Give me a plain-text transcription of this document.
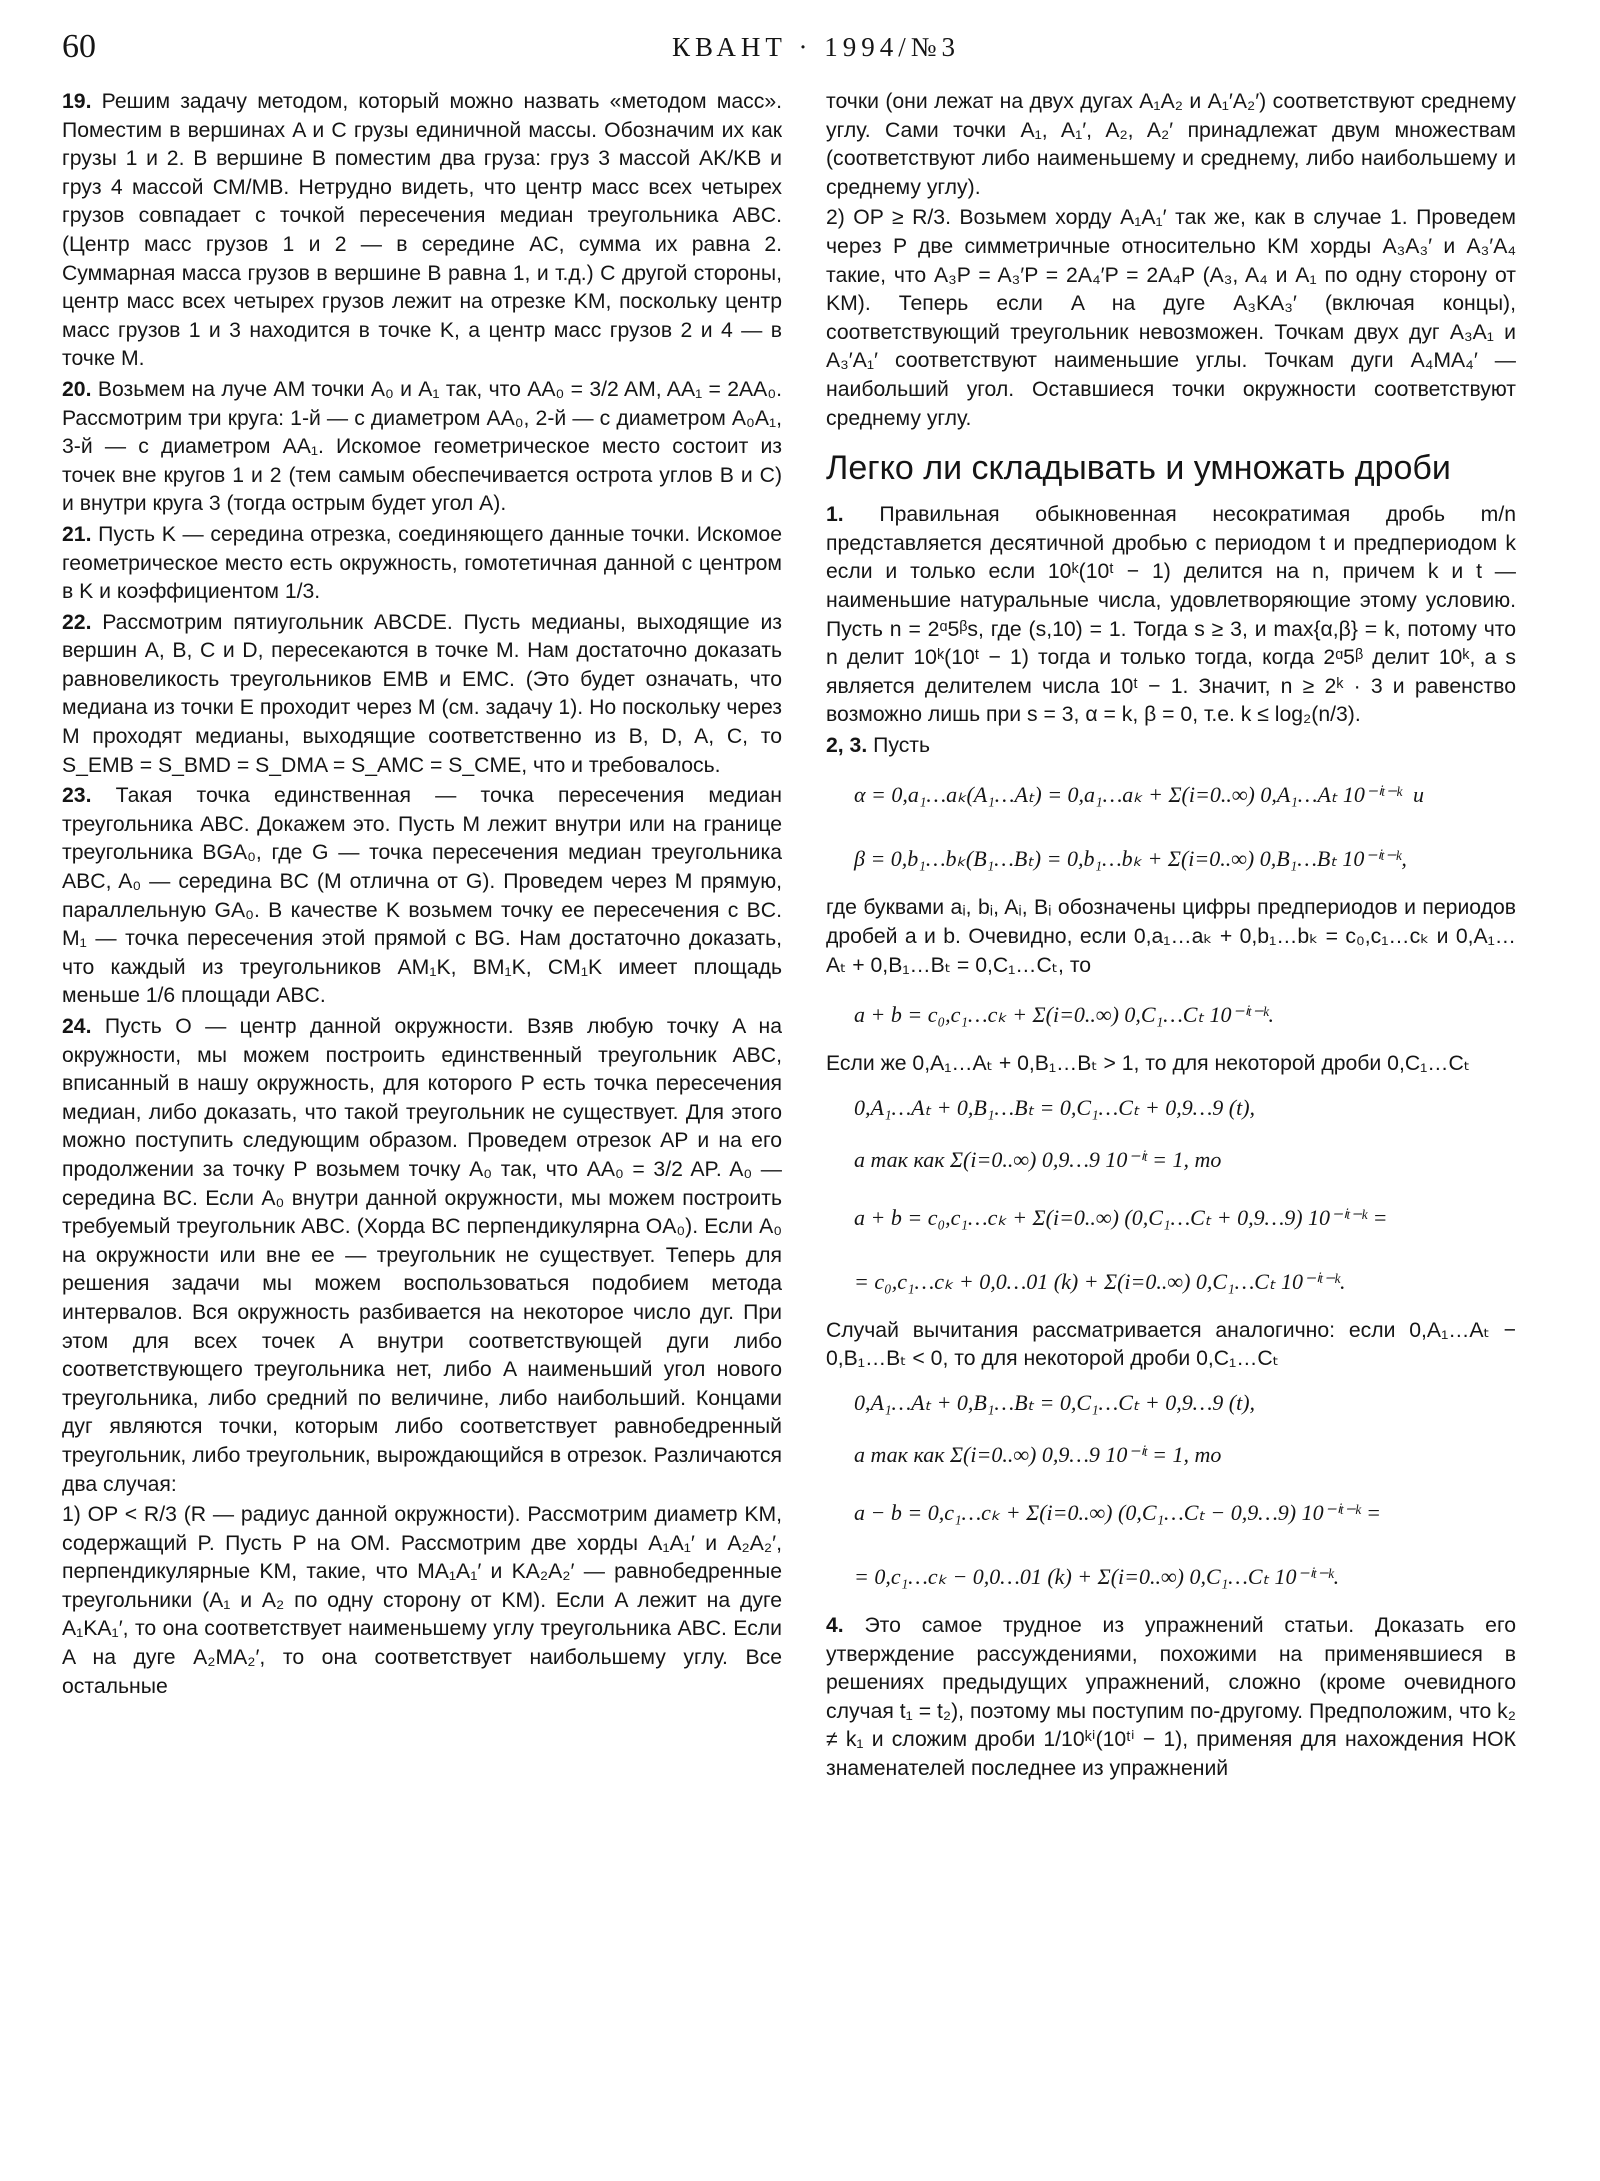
60	КВАНТ · 1994/№3

19. Решим задачу методом, который можно назвать «методом масс». Поместим в вершинах A и C грузы единичной массы. Обозначим их как грузы 1 и 2. В вершине B поместим два груза: груз 3 массой AK/KB и груз 4 массой CM/MB. Нетрудно видеть, что центр масс всех четырех грузов совпадает с точкой пересечения медиан треугольника ABC. (Центр масс грузов 1 и 2 — в середине AC, сумма их равна 2. Суммарная масса грузов в вершине B равна 1, и т.д.) С другой стороны, центр масс всех четырех грузов лежит на отрезке KM, поскольку центр масс грузов 1 и 3 находится в точке K, а центр масс грузов 2 и 4 — в точке M.

20. Возьмем на луче AM точки A₀ и A₁ так, что AA₀ = 3/2 AM, AA₁ = 2AA₀. Рассмотрим три круга: 1-й — с диаметром AA₀, 2-й — с диаметром A₀A₁, 3-й — с диаметром AA₁. Искомое геометрическое место состоит из точек вне кругов 1 и 2 (тем самым обеспечивается острота углов B и C) и внутри круга 3 (тогда острым будет угол A).

21. Пусть K — середина отрезка, соединяющего данные точки. Искомое геометрическое место есть окружность, гомотетичная данной с центром в K и коэффициентом 1/3.

22. Рассмотрим пятиугольник ABCDE. Пусть медианы, выходящие из вершин A, B, C и D, пересекаются в точке M. Нам достаточно доказать равновеликость треугольников EMB и EMC. (Это будет означать, что медиана из точки E проходит через M (см. задачу 1). Но поскольку через M проходят медианы, выходящие соответственно из B, D, A, C, то S_EMB = S_BMD = S_DMA = S_AMC = S_CME, что и требовалось.

23. Такая точка единственная — точка пересечения медиан треугольника ABC. Докажем это. Пусть M лежит внутри или на границе треугольника BGA₀, где G — точка пересечения медиан треугольника ABC, A₀ — середина BC (M отлична от G). Проведем через M прямую, параллельную GA₀. В качестве K возьмем точку ее пересечения с BC. M₁ — точка пересечения этой прямой с BG. Нам достаточно доказать, что каждый из треугольников AM₁K, BM₁K, CM₁K имеет площадь меньше 1/6 площади ABC.

24. Пусть O — центр данной окружности. Взяв любую точку A на окружности, мы можем построить единственный треугольник ABC, вписанный в нашу окружность, для которого P есть точка пересечения медиан, либо доказать, что такой треугольник не существует. Для этого можно поступить следующим образом. Проведем отрезок AP и на его продолжении за точку P возьмем точку A₀ так, что AA₀ = 3/2 AP. A₀ — середина BC. Если A₀ внутри данной окружности, мы можем построить требуемый треугольник ABC. (Хорда BC перпендикулярна OA₀). Если A₀ на окружности или вне ее — треугольник не существует. Теперь для решения задачи мы можем воспользоваться подобием метода интервалов. Вся окружность разбивается на некоторое число дуг. При этом для всех точек A внутри соответствующей дуги либо соответствующего треугольника нет, либо A наименьший угол нового треугольника, либо средний по величине, либо наибольший. Концами дуг являются точки, которым либо соответствует равнобедренный треугольник, либо треугольник, вырождающийся в отрезок. Различаются два случая:

1) OP < R/3 (R — радиус данной окружности). Рассмотрим диаметр KM, содержащий P. Пусть P на OM. Рассмотрим две хорды A₁A₁′ и A₂A₂′, перпендикулярные KM, такие, что MA₁A₁′ и KA₂A₂′ — равнобедренные треугольники (A₁ и A₂ по одну сторону от KM). Если A лежит на дуге A₁KA₁′, то она соответствует наименьшему углу треугольника ABC. Если A на дуге A₂MA₂′, то она соответствует наибольшему углу. Все остальные

точки (они лежат на двух дугах A₁A₂ и A₁′A₂′) соответствуют среднему углу. Сами точки A₁, A₁′, A₂, A₂′ принадлежат двум множествам (соответствуют либо наименьшему и среднему, либо наибольшему и среднему углу).

2) OP ≥ R/3. Возьмем хорду A₁A₁′ так же, как в случае 1. Проведем через P две симметричные относительно KM хорды A₃A₃′ и A₃′A₄ такие, что A₃P = A₃′P = 2A₄′P = 2A₄P (A₃, A₄ и A₁ по одну сторону от KM). Теперь если A на дуге A₃KA₃′ (включая концы), соответствующий треугольник невозможен. Точкам двух дуг A₃A₁ и A₃′A₁′ соответствуют наименьшие углы. Точкам дуги A₄MA₄′ — наибольший угол. Оставшиеся точки окружности соответствуют среднему углу.

Легко ли складывать и умножать дроби

1. Правильная обыкновенная несократимая дробь m/n представляется десятичной дробью с периодом t и предпериодом k если и только если 10ᵏ(10ᵗ − 1) делится на n, причем k и t — наименьшие натуральные числа, удовлетворяющие этому условию. Пусть n = 2ᵅ5ᵝs, где (s,10) = 1. Тогда s ≥ 3, и max{α,β} = k, потому что n делит 10ᵏ(10ᵗ − 1) тогда и только тогда, когда 2ᵅ5ᵝ делит 10ᵏ, а s является делителем числа 10ᵗ − 1. Значит, n ≥ 2ᵏ · 3 и равенство возможно лишь при s = 3, α = k, β = 0, т.е. k ≤ log₂(n/3).

2, 3. Пусть

α = 0,a₁…aₖ(A₁…Aₜ) = 0,a₁…aₖ + Σ(i=0..∞) 0,A₁…Aₜ 10⁻ⁱᵗ⁻ᵏ  и
β = 0,b₁…bₖ(B₁…Bₜ) = 0,b₁…bₖ + Σ(i=0..∞) 0,B₁…Bₜ 10⁻ⁱᵗ⁻ᵏ,

где буквами aᵢ, bᵢ, Aᵢ, Bᵢ обозначены цифры предпериодов и периодов дробей a и b. Очевидно, если 0,a₁…aₖ + 0,b₁…bₖ = c₀,c₁…cₖ и 0,A₁…Aₜ + 0,B₁…Bₜ = 0,C₁…Cₜ, то

a + b = c₀,c₁…cₖ + Σ(i=0..∞) 0,C₁…Cₜ 10⁻ⁱᵗ⁻ᵏ.

Если же 0,A₁…Aₜ + 0,B₁…Bₜ > 1, то для некоторой дроби 0,C₁…Cₜ

0,A₁…Aₜ + 0,B₁…Bₜ = 0,C₁…Cₜ + 0,9…9 (t),
а так как Σ(i=0..∞) 0,9…9 10⁻ⁱᵗ = 1, то
a + b = c₀,c₁…cₖ + Σ(i=0..∞) (0,C₁…Cₜ + 0,9…9) 10⁻ⁱᵗ⁻ᵏ =
= c₀,c₁…cₖ + 0,0…01 (k) + Σ(i=0..∞) 0,C₁…Cₜ 10⁻ⁱᵗ⁻ᵏ.

Случай вычитания рассматривается аналогично: если 0,A₁…Aₜ − 0,B₁…Bₜ < 0, то для некоторой дроби 0,C₁…Cₜ

0,A₁…Aₜ + 0,B₁…Bₜ = 0,C₁…Cₜ + 0,9…9 (t),
а так как Σ(i=0..∞) 0,9…9 10⁻ⁱᵗ = 1, то
a − b = 0,c₁…cₖ + Σ(i=0..∞) (0,C₁…Cₜ − 0,9…9) 10⁻ⁱᵗ⁻ᵏ =
= 0,c₁…cₖ − 0,0…01 (k) + Σ(i=0..∞) 0,C₁…Cₜ 10⁻ⁱᵗ⁻ᵏ.

4. Это самое трудное из упражнений статьи. Доказать его утверждение рассуждениями, похожими на применявшиеся в решениях предыдущих упражнений, сложно (кроме очевидного случая t₁ = t₂), поэтому мы поступим по-другому. Предположим, что k₂ ≠ k₁ и сложим дроби 1/10ᵏⁱ(10ᵗⁱ − 1), применяя для нахождения НОК знаменателей последнее из упражнений
